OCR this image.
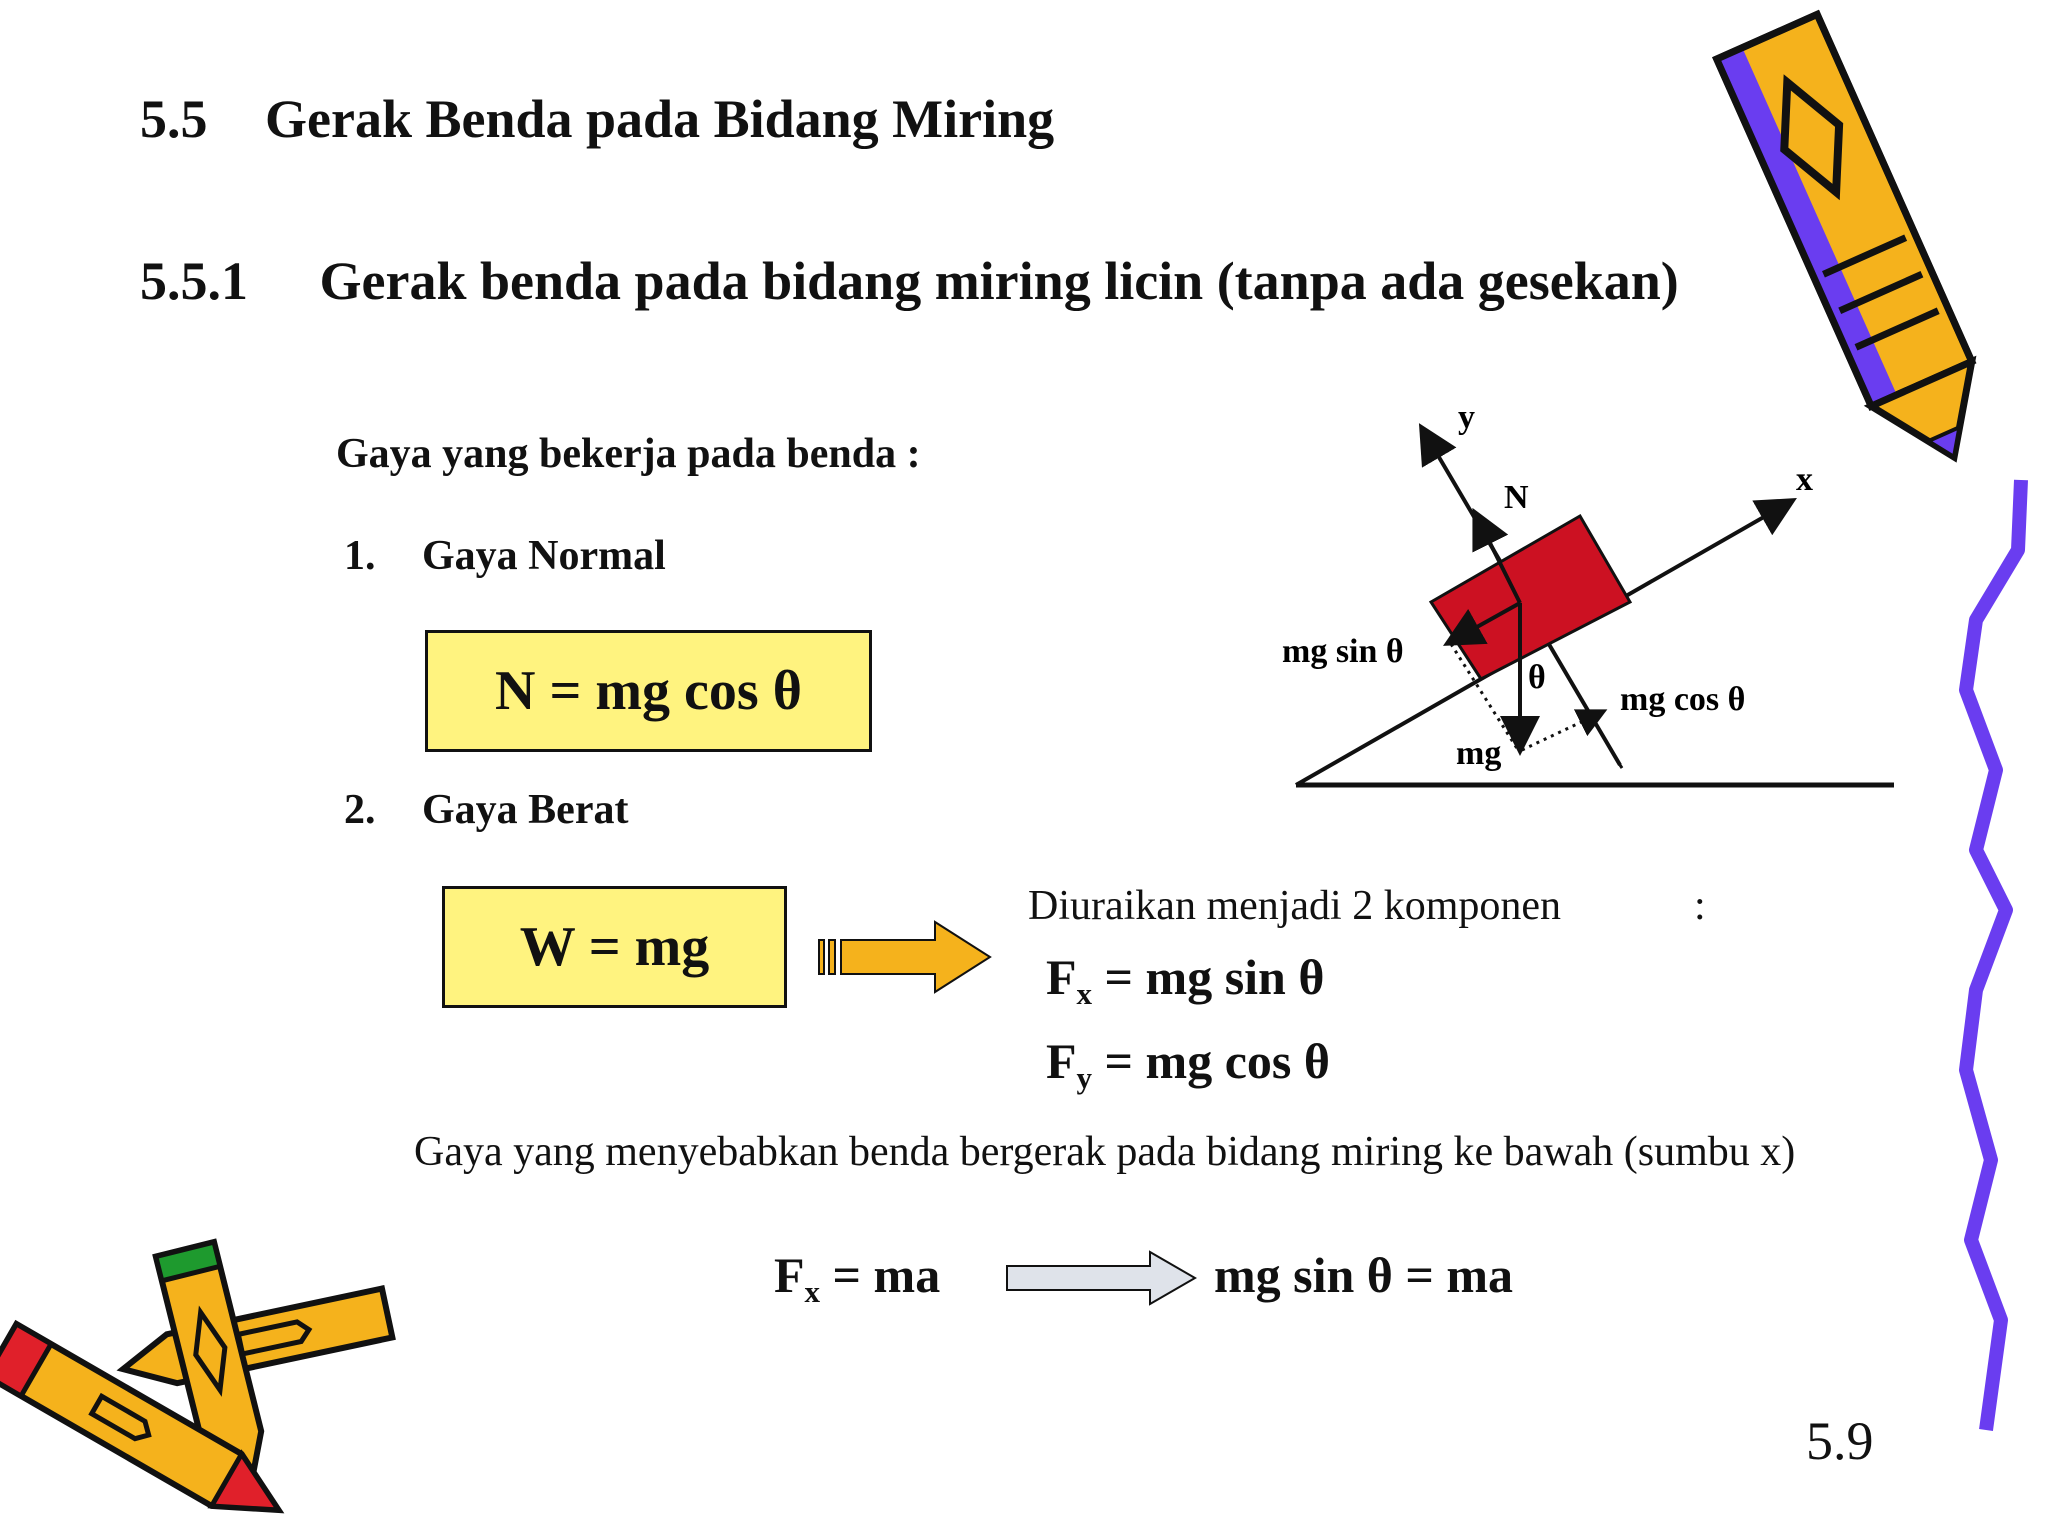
5.5 Gerak Benda pada Bidang Miring
5.5.1 Gerak benda pada bidang miring licin (tanpa ada gesekan)
Gaya yang bekerja pada benda :
1. Gaya Normal
N = mg cos θ
2. Gaya Berat
W = mg
Diuraikan menjadi 2 komponen	:
$F_x$ = mg sin θ
$F_y$ = mg cos θ
Gaya yang menyebabkan benda bergerak pada bidang miring ke bawah (sumbu x)
$F_x$ = ma	mg sin θ = ma
5.9
y
x
N
mg sin θ
θ
mg cos θ
mg
